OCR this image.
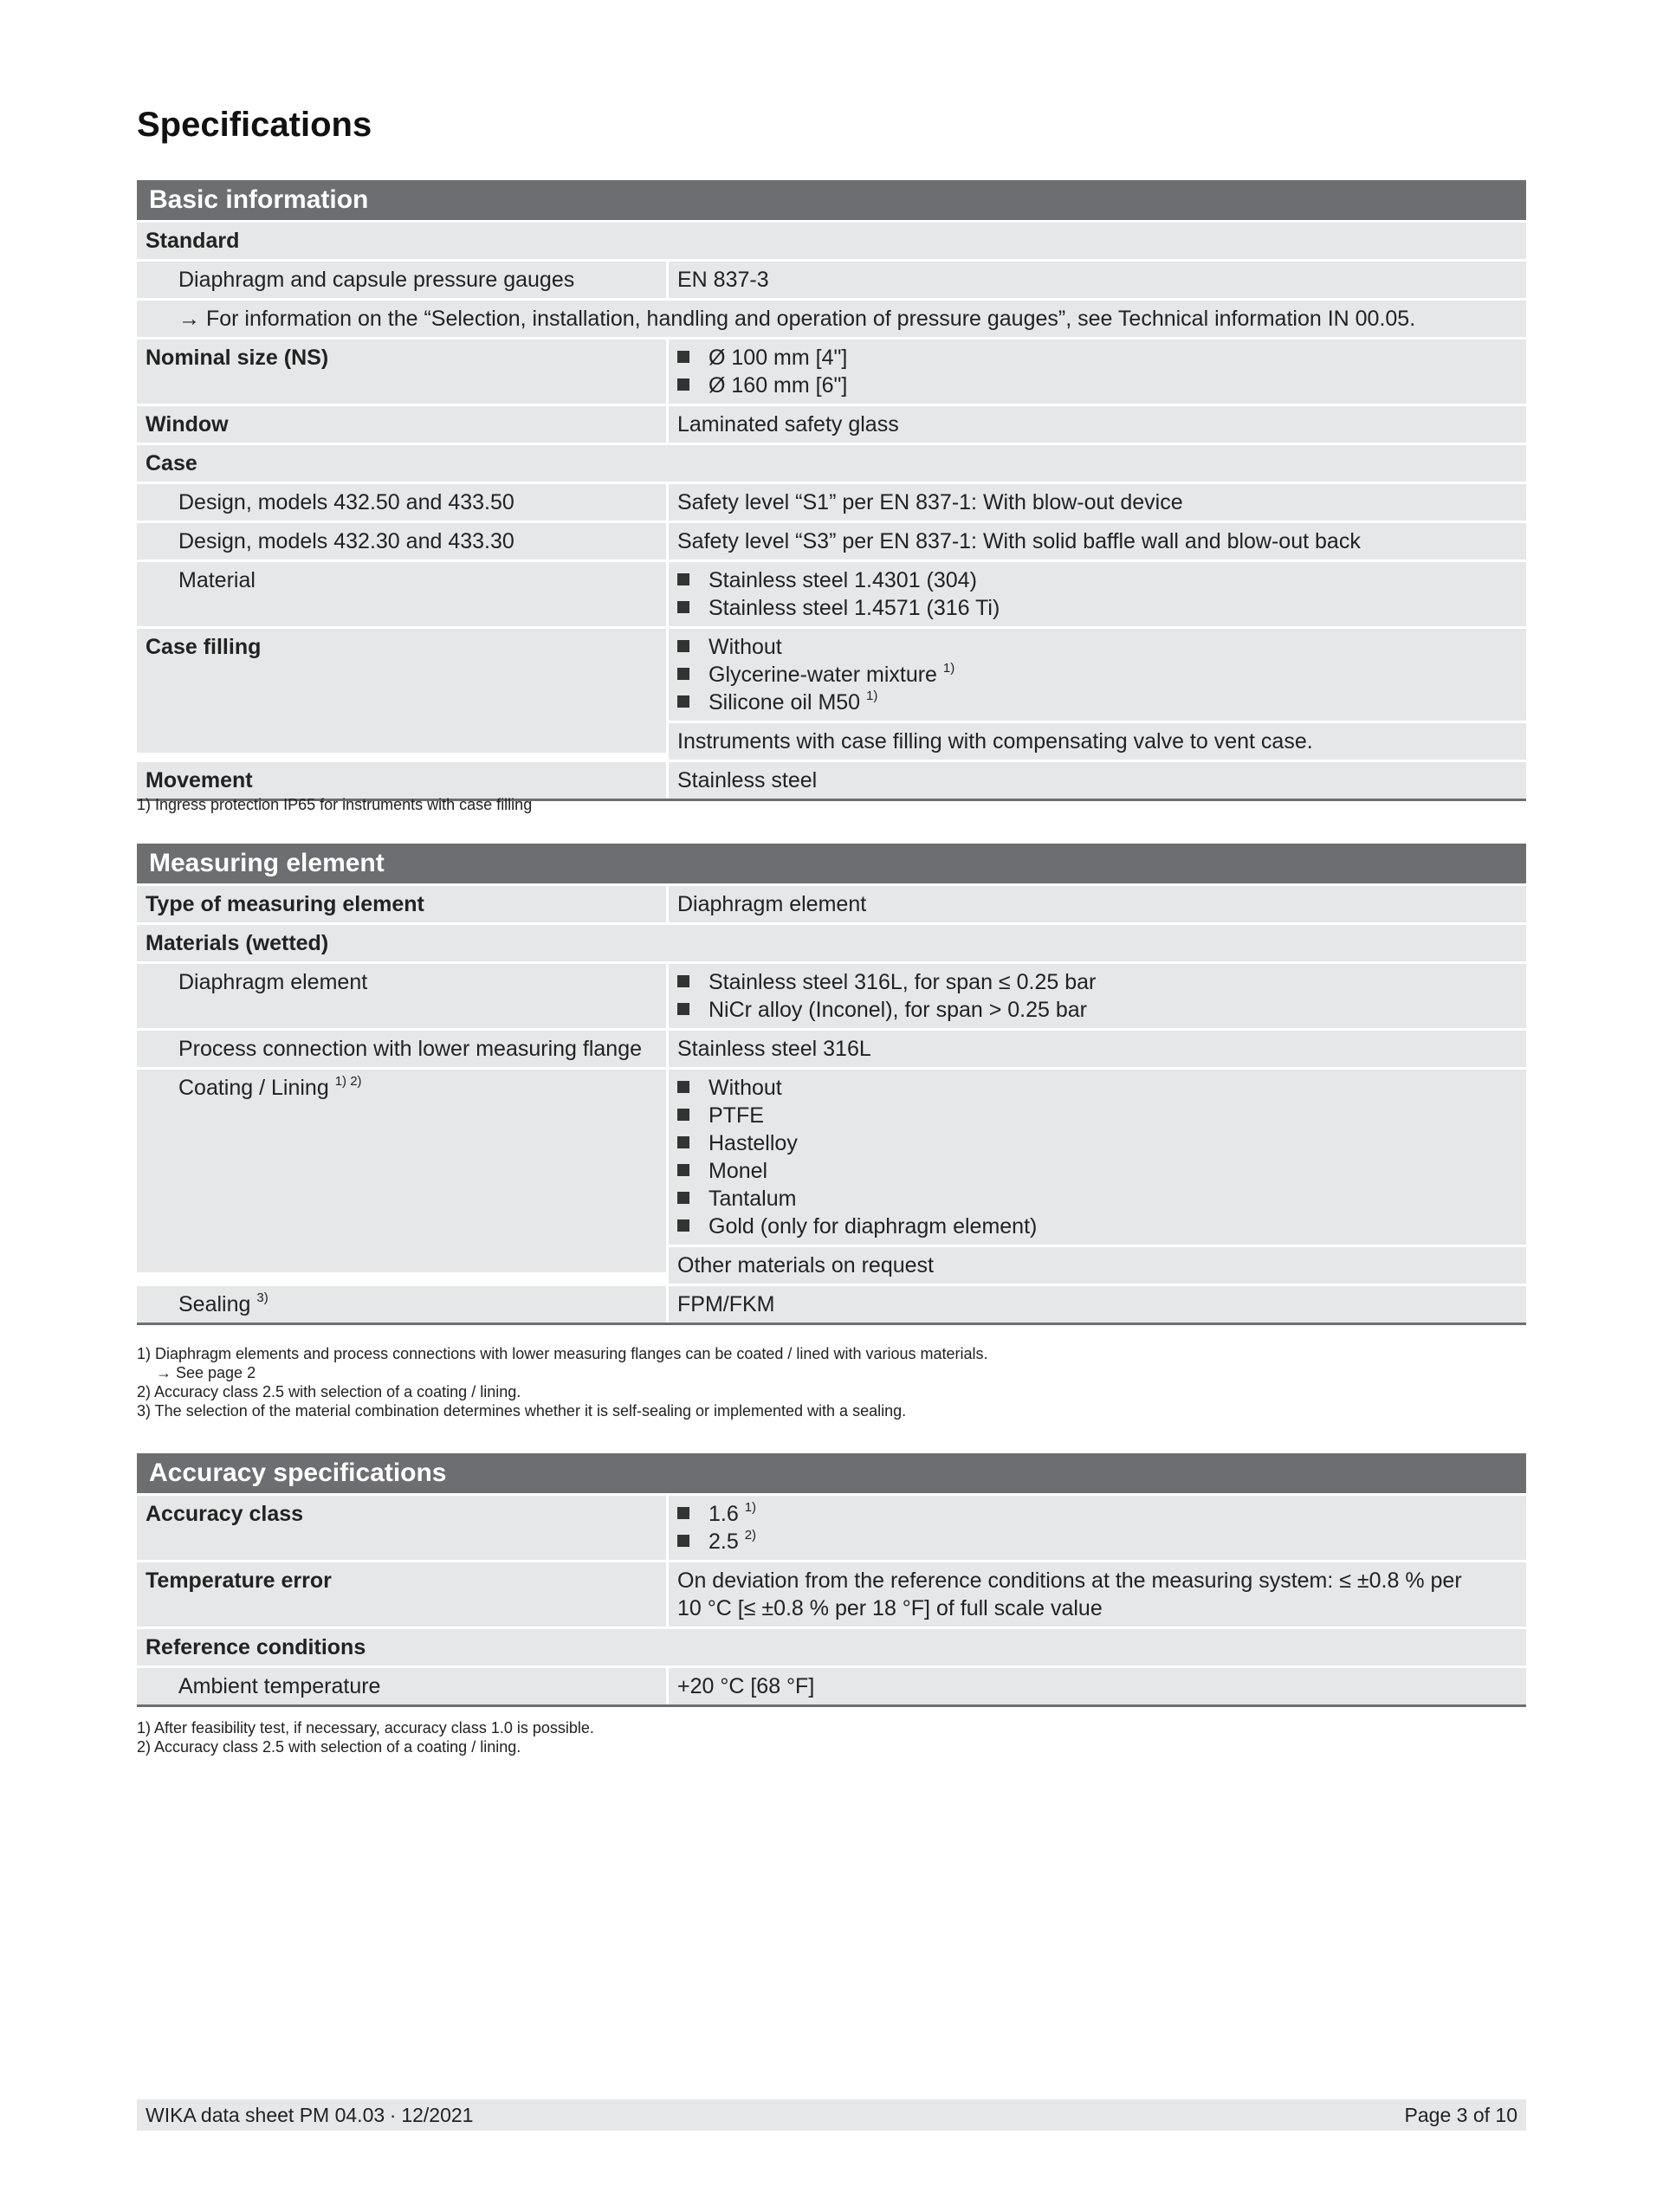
Specifications
Basic information
Standard
Diaphragm and capsule pressure gauges	EN 837-3
→ For information on the “Selection, installation, handling and operation of pressure gauges”, see Technical information IN 00.05.
Nominal size (NS)	Ø 100 mm [4"]
Ø 160 mm [6"]
Window	Laminated safety glass
Case
Design, models 432.50 and 433.50	Safety level “S1” per EN 837-1: With blow-out device
Design, models 432.30 and 433.30	Safety level “S3” per EN 837-1: With solid baffle wall and blow-out back
Material	Stainless steel 1.4301 (304)
Stainless steel 1.4571 (316 Ti)
Case filling	Without
Glycerine-water mixture $^{1)}$
Silicone oil M50 $^{1)}$
Instruments with case filling with compensating valve to vent case.
Movement	Stainless steel
1) Ingress protection IP65 for instruments with case filling
Measuring element
Type of measuring element	Diaphragm element
Materials (wetted)
Diaphragm element	Stainless steel 316L, for span ≤ 0.25 bar
NiCr alloy (Inconel), for span > 0.25 bar
Process connection with lower measuring flange	Stainless steel 316L
Coating / Lining $^{1) 2)}$	Without
PTFE
Hastelloy
Monel
Tantalum
Gold (only for diaphragm element)
Other materials on request
Sealing $^{3)}$	FPM/FKM
1) Diaphragm elements and process connections with lower measuring flanges can be coated / lined with various materials.
→ See page 2
2) Accuracy class 2.5 with selection of a coating / lining.
3) The selection of the material combination determines whether it is self-sealing or implemented with a sealing.
Accuracy specifications
Accuracy class	1.6 $^{1)}$
2.5 $^{2)}$
Temperature error	On deviation from the reference conditions at the measuring system: ≤ ±0.8 % per
10 °C [≤ ±0.8 % per 18 °F] of full scale value
Reference conditions
Ambient temperature	+20 °C [68 °F]
1) After feasibility test, if necessary, accuracy class 1.0 is possible.
2) Accuracy class 2.5 with selection of a coating / lining.
WIKA data sheet PM 04.03 ∙ 12/2021	Page 3 of 10
